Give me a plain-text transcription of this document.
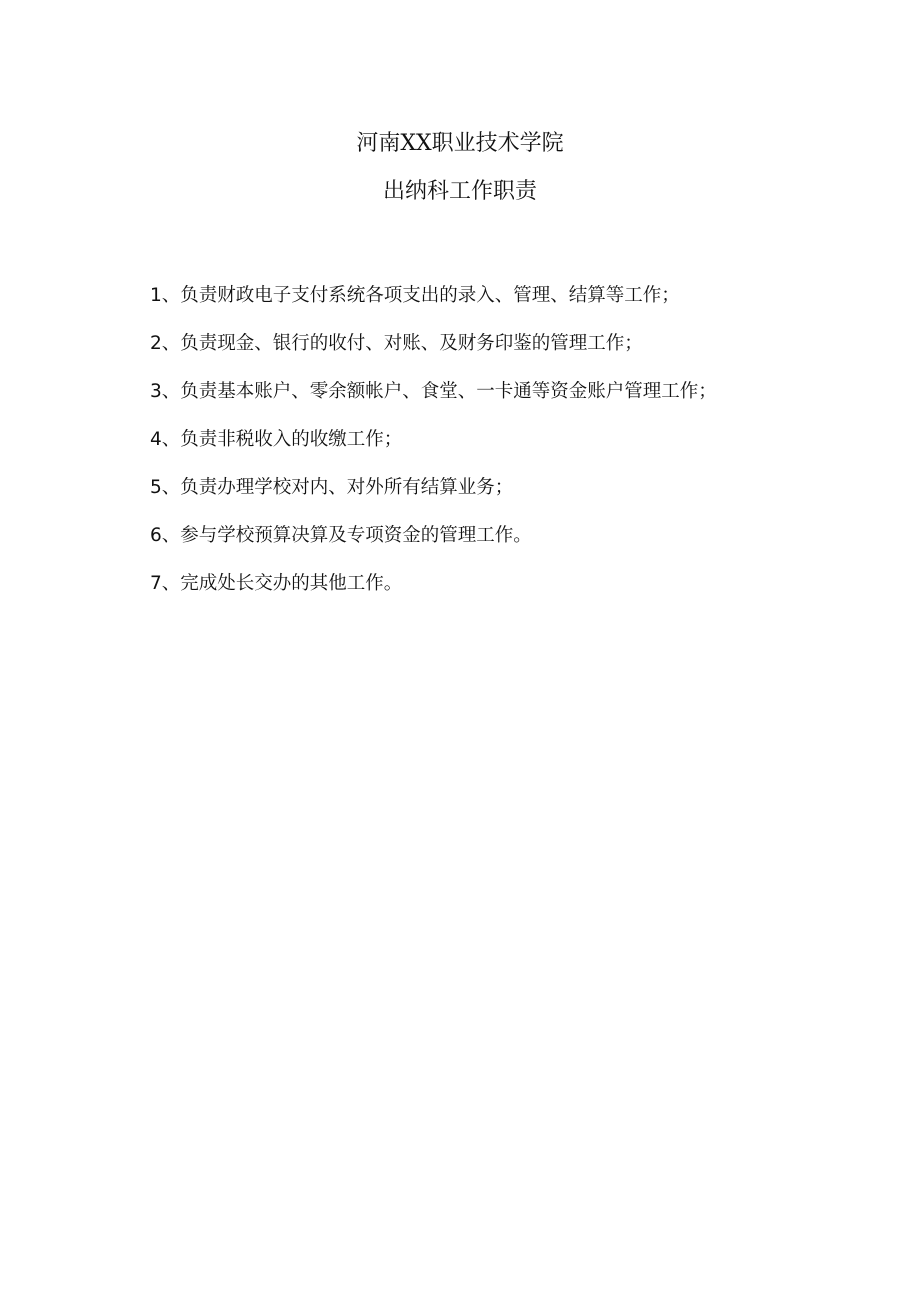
河南XX职业技术学院
出纳科工作职责
1、负责财政电子支付系统各项支出的录入、管理、结算等工作；
2、负责现金、银行的收付、对账、及财务印鉴的管理工作；
3、负责基本账户、零余额帐户、食堂、一卡通等资金账户管理工作；
4、负责非税收入的收缴工作；
5、负责办理学校对内、对外所有结算业务；
6、参与学校预算决算及专项资金的管理工作。
7、完成处长交办的其他工作。
